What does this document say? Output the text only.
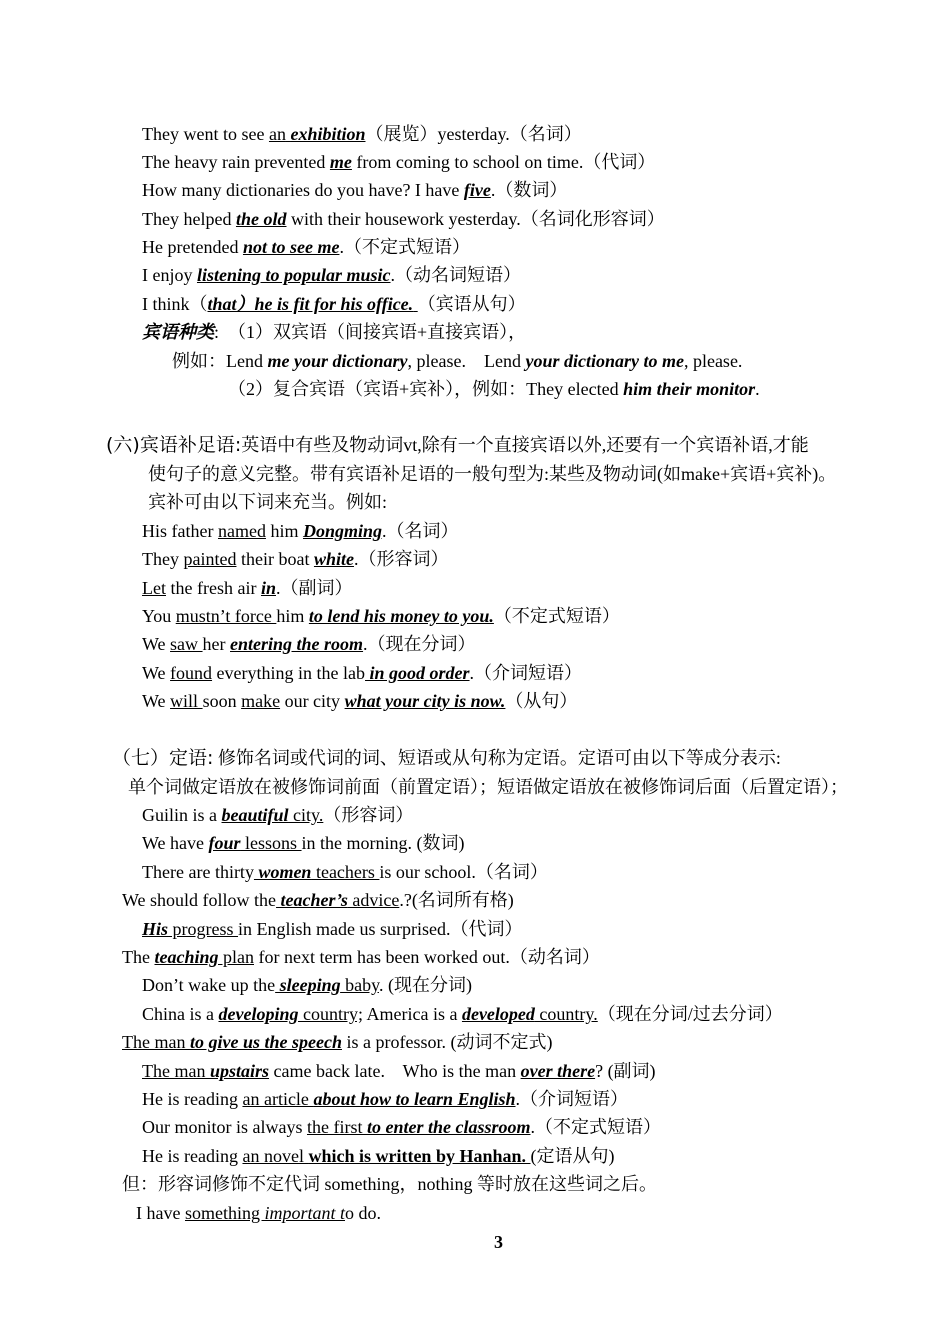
They went to see an exhibition（展览）yesterday.（名词）
The heavy rain prevented me from coming to school on time.（代词）
How many dictionaries do you have? I have five.（数词）
They helped the old with their housework yesterday.（名词化形容词）
He pretended not to see me.（不定式短语）
I enjoy listening to popular music.（动名词短语）
I think（that）he is fit for his office. （宾语从句）
宾语种类: （1）双宾语（间接宾语+直接宾语），
例如：Lend me your dictionary, please.    Lend your dictionary to me, please.
（2）复合宾语（宾语+宾补），例如：They elected him their monitor.
(六)宾语补足语:英语中有些及物动词vt,除有一个直接宾语以外,还要有一个宾语补语,才能
使句子的意义完整。带有宾语补足语的一般句型为:某些及物动词(如make+宾语+宾补)。
宾补可由以下词来充当。例如:
His father named him Dongming.（名词）
They painted their boat white.（形容词）
Let the fresh air in.（副词）
You mustn’t force him to lend his money to you.（不定式短语）
We saw her entering the room.（现在分词）
We found everything in the lab in good order.（介词短语）
We will soon make our city what your city is now.（从句）
（七）定语: 修饰名词或代词的词、短语或从句称为定语。定语可由以下等成分表示:
单个词做定语放在被修饰词前面（前置定语）；短语做定语放在被修饰词后面（后置定语）；
Guilin is a beautiful city.（形容词）
We have four lessons in the morning. (数词)
There are thirty women teachers is our school.（名词）
We should follow the teacher’s advice.?(名词所有格)
His progress in English made us surprised.（代词）
The teaching plan for next term has been worked out.（动名词）
Don’t wake up the sleeping baby. (现在分词)
China is a developing country; America is a developed country.（现在分词/过去分词）
The man to give us the speech is a professor. (动词不定式)
The man upstairs came back late.    Who is the man over there? (副词)
He is reading an article about how to learn English.（介词短语）
Our monitor is always the first to enter the classroom.（不定式短语）
He is reading an novel which is written by Hanhan. (定语从句)
但：形容词修饰不定代词 something，nothing 等时放在这些词之后。
I have something important to do.
3
